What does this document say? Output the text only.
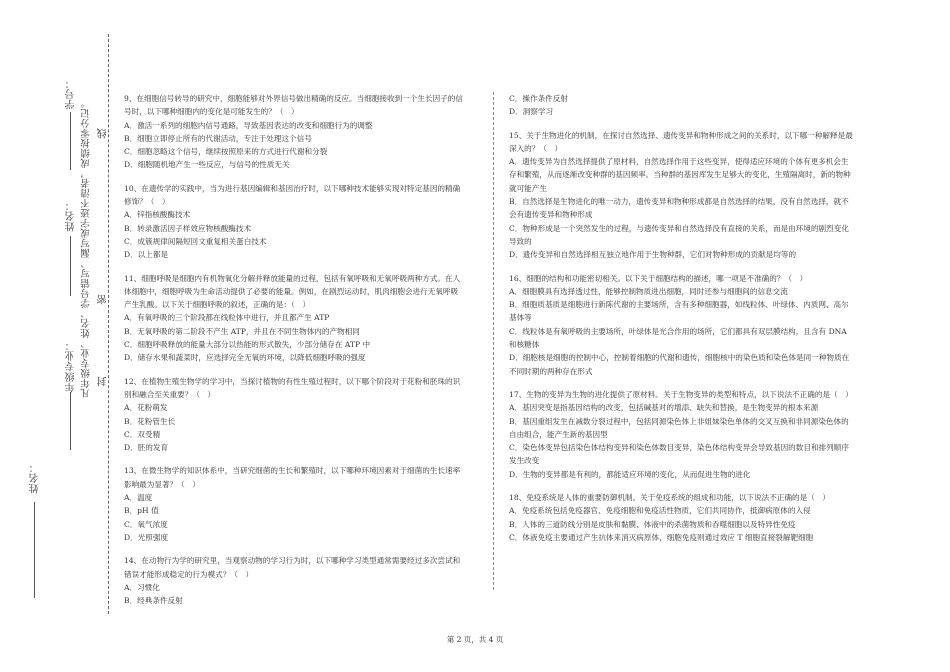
密
封
线
凡年级专业、姓名、学号错写、漏写或字迹不清者，成绩按零分记。
学号：
姓名：
年级专业：
姓名：

9、在细胞信号转导的研究中，细胞能够对外界信号做出精确的反应。当细胞接收到一个生长因子的信号时，以下哪种细胞内的变化是可能发生的？（　）

A．激活一系列的细胞内信号通路，导致基因表达的改变和细胞行为的调整

B．细胞立即停止所有的代谢活动，专注于处理这个信号

C．细胞忽略这个信号，继续按照原来的方式进行代谢和分裂

D．细胞随机地产生一些反应，与信号的性质无关

10、在遗传学的实践中，当为进行基因编辑和基因治疗时，以下哪种技术能够实现对特定基因的精确修饰？（　）

A．锌指核酸酶技术

B．转录激活因子样效应物核酸酶技术

C．成簇规律间隔短回文重复相关蛋白技术

D．以上都是

11、细胞呼吸是细胞内有机物氧化分解并释放能量的过程，包括有氧呼吸和无氧呼吸两种方式。在人体细胞中，细胞呼吸为生命活动提供了必要的能量。例如，在剧烈运动时，肌肉细胞会进行无氧呼吸产生乳酸。以下关于细胞呼吸的叙述，正确的是：（　）

A．有氧呼吸的三个阶段都在线粒体中进行，并且都产生 ATP

B．无氧呼吸的第二阶段不产生 ATP，并且在不同生物体内的产物相同

C．细胞呼吸释放的能量大部分以热能的形式散失，少部分储存在 ATP 中

D．储存水果和蔬菜时，应选择完全无氧的环境，以降低细胞呼吸的强度

12、在植物生殖生物学的学习中，当探讨植物的有性生殖过程时，以下哪个阶段对于花粉和胚珠的识别和融合至关重要？（　）

A．花粉萌发

B．花粉管生长

C．双受精

D．胚的发育

13、在微生物学的知识体系中，当研究细菌的生长和繁殖时，以下哪种环境因素对于细菌的生长速率影响最为显著？（　）

A．温度

B．pH 值

C．氧气浓度

D．光照强度

14、在动物行为学的研究里，当观察动物的学习行为时，以下哪种学习类型通常需要经过多次尝试和错误才能形成稳定的行为模式？（　）

A．习惯化

B．经典条件反射

C．操作条件反射

D．洞察学习

15、关于生物进化的机制，在探讨自然选择、遗传变异和物种形成之间的关系时，以下哪一种解释是最深入的？（　）

A．遗传变异为自然选择提供了原材料，自然选择作用于这些变异，使得适应环境的个体有更多机会生存和繁殖，从而逐渐改变种群的基因频率。当种群的基因库发生足够大的变化，生殖隔离时，新的物种就可能产生

B．自然选择是生物进化的唯一动力，遗传变异和物种形成都是自然选择的结果，没有自然选择，就不会有遗传变异和物种形成

C．物种形成是一个突然发生的过程，与遗传变异和自然选择没有直接的关系，而是由环境的剧烈变化导致的

D．遗传变异和自然选择相互独立地作用于生物种群，它们对物种形成的贡献是均等的

16、细胞的结构和功能密切相关。以下关于细胞结构的描述，哪一项是不准确的？（　）

A．细胞膜具有选择透过性，能够控制物质进出细胞，同时还参与细胞间的信息交流

B．细胞质基质是细胞进行新陈代谢的主要场所，含有多种细胞器，如线粒体、叶绿体、内质网、高尔基体等

C．线粒体是有氧呼吸的主要场所，叶绿体是光合作用的场所，它们都具有双层膜结构，且含有 DNA 和核糖体

D．细胞核是细胞的控制中心，控制着细胞的代谢和遗传，细胞核中的染色质和染色体是同一种物质在不同时期的两种存在形式

17、生物的变异为生物的进化提供了原材料。关于生物变异的类型和特点，以下说法不正确的是（　）

A．基因突变是指基因结构的改变，包括碱基对的增添、缺失和替换，是生物变异的根本来源

B．基因重组发生在减数分裂过程中，包括同源染色体上非姐妹染色单体的交叉互换和非同源染色体的自由组合，能产生新的基因型

C．染色体变异包括染色体结构变异和染色体数目变异，染色体结构变异会导致基因的数目和排列顺序发生改变

D．生物的变异都是有利的，都能适应环境的变化，从而促进生物的进化

18、免疫系统是人体的重要防御机制。关于免疫系统的组成和功能，以下说法不正确的是（　）

A．免疫系统包括免疫器官、免疫细胞和免疫活性物质，它们共同协作，抵御病原体的入侵

B．人体的三道防线分别是皮肤和黏膜、体液中的杀菌物质和吞噬细胞以及特异性免疫

C．体液免疫主要通过产生抗体来消灭病原体，细胞免疫则通过效应 T 细胞直接裂解靶细胞

第 2 页，共 4 页
